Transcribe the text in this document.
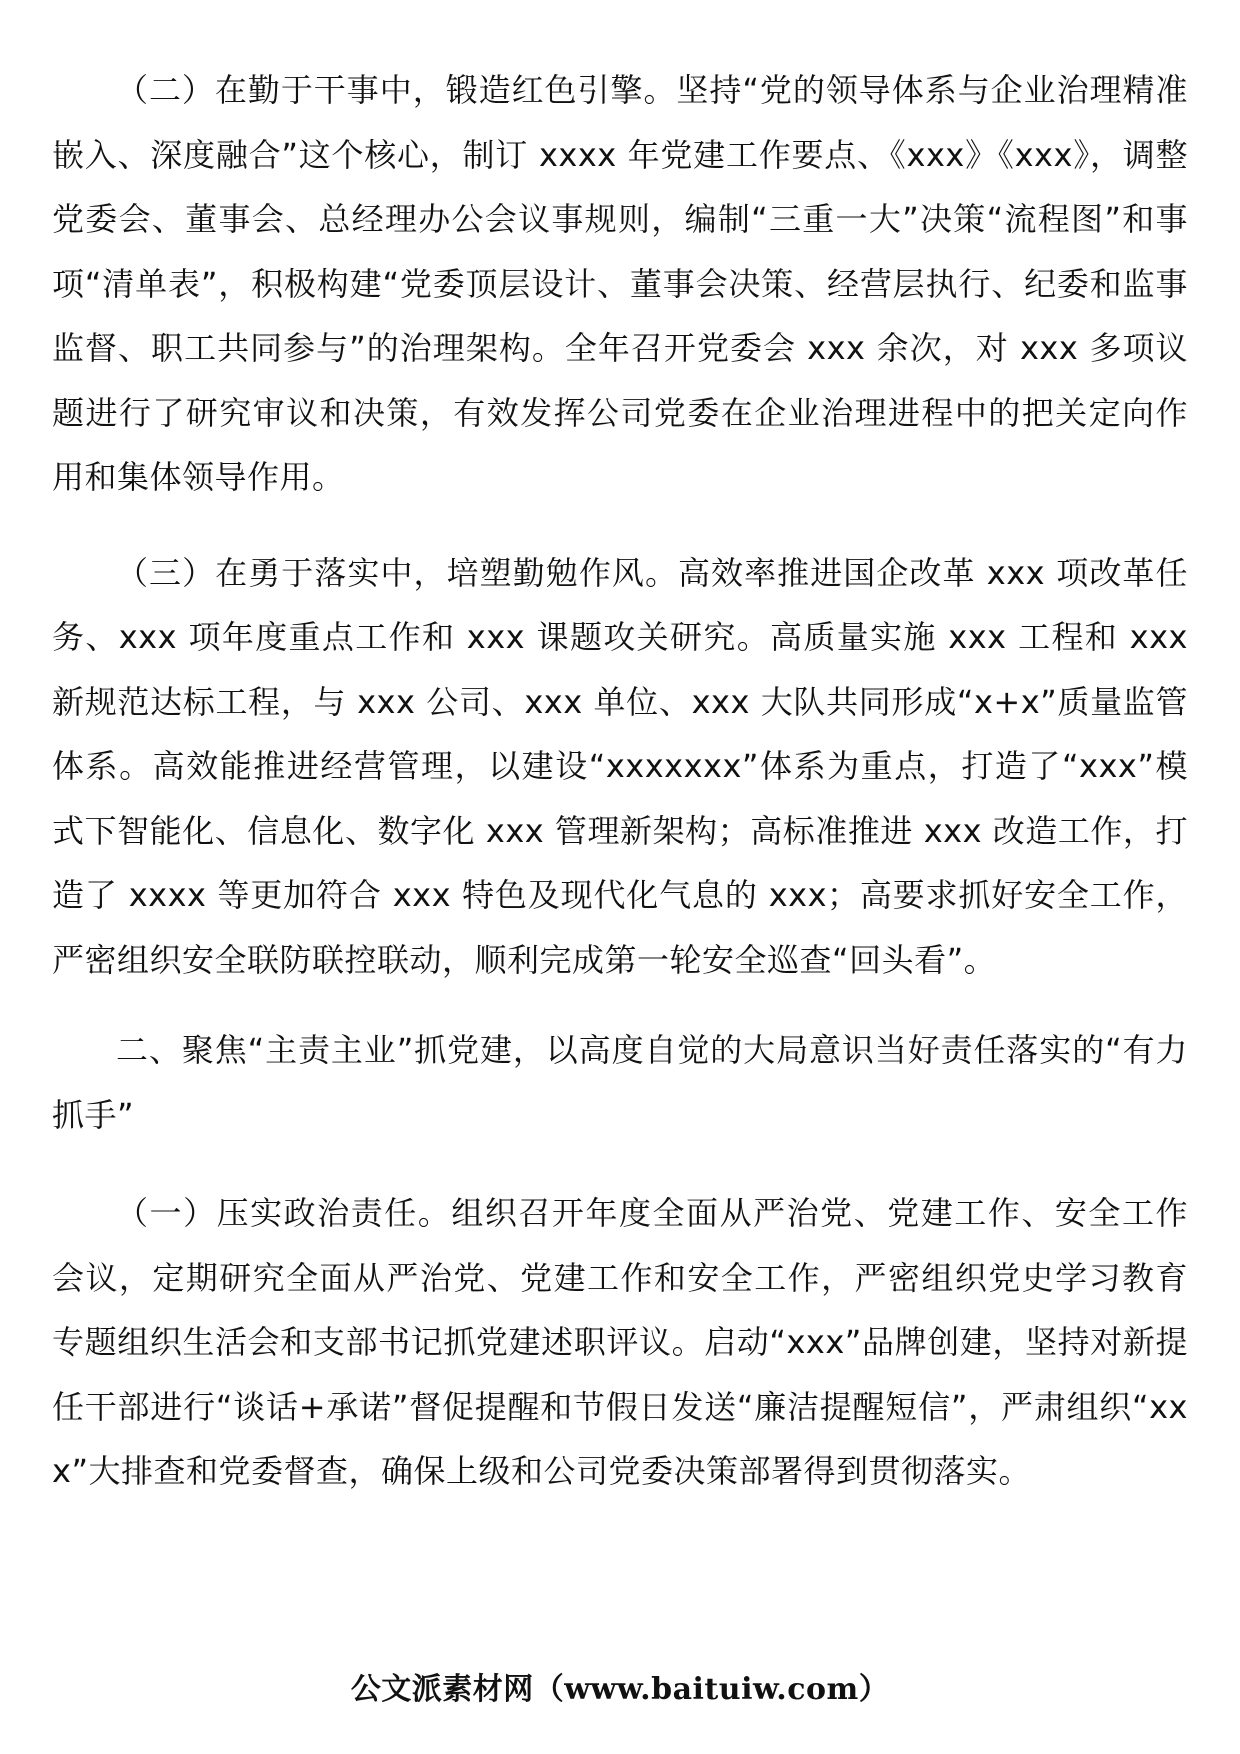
（二）在勤于干事中，锻造红色引擎。坚持“党的领导体系与企业治理精准嵌入、深度融合”这个核心，制订 xxxx 年党建工作要点、《xxx》《xxx》，调整党委会、董事会、总经理办公会议事规则，编制“三重一大”决策“流程图”和事项“清单表”，积极构建“党委顶层设计、董事会决策、经营层执行、纪委和监事监督、职工共同参与”的治理架构。全年召开党委会 xxx 余次，对 xxx 多项议题进行了研究审议和决策，有效发挥公司党委在企业治理进程中的把关定向作用和集体领导作用。

（三）在勇于落实中，培塑勤勉作风。高效率推进国企改革 xxx 项改革任务、xxx 项年度重点工作和 xxx 课题攻关研究。高质量实施 xxx 工程和 xxx 新规范达标工程，与 xxx 公司、xxx 单位、xxx 大队共同形成“x+x”质量监管体系。高效能推进经营管理，以建设“xxxxxxx”体系为重点，打造了“xxx”模式下智能化、信息化、数字化 xxx 管理新架构；高标准推进 xxx 改造工作，打造了 xxxx 等更加符合 xxx 特色及现代化气息的 xxx；高要求抓好安全工作，严密组织安全联防联控联动，顺利完成第一轮安全巡查“回头看”。

二、聚焦“主责主业”抓党建，以高度自觉的大局意识当好责任落实的“有力抓手”

（一）压实政治责任。组织召开年度全面从严治党、党建工作、安全工作会议，定期研究全面从严治党、党建工作和安全工作，严密组织党史学习教育专题组织生活会和支部书记抓党建述职评议。启动“xxx”品牌创建，坚持对新提任干部进行“谈话+承诺”督促提醒和节假日发送“廉洁提醒短信”，严肃组织“xxx”大排查和党委督查，确保上级和公司党委决策部署得到贯彻落实。

公文派素材网（www.baituiw.com）
